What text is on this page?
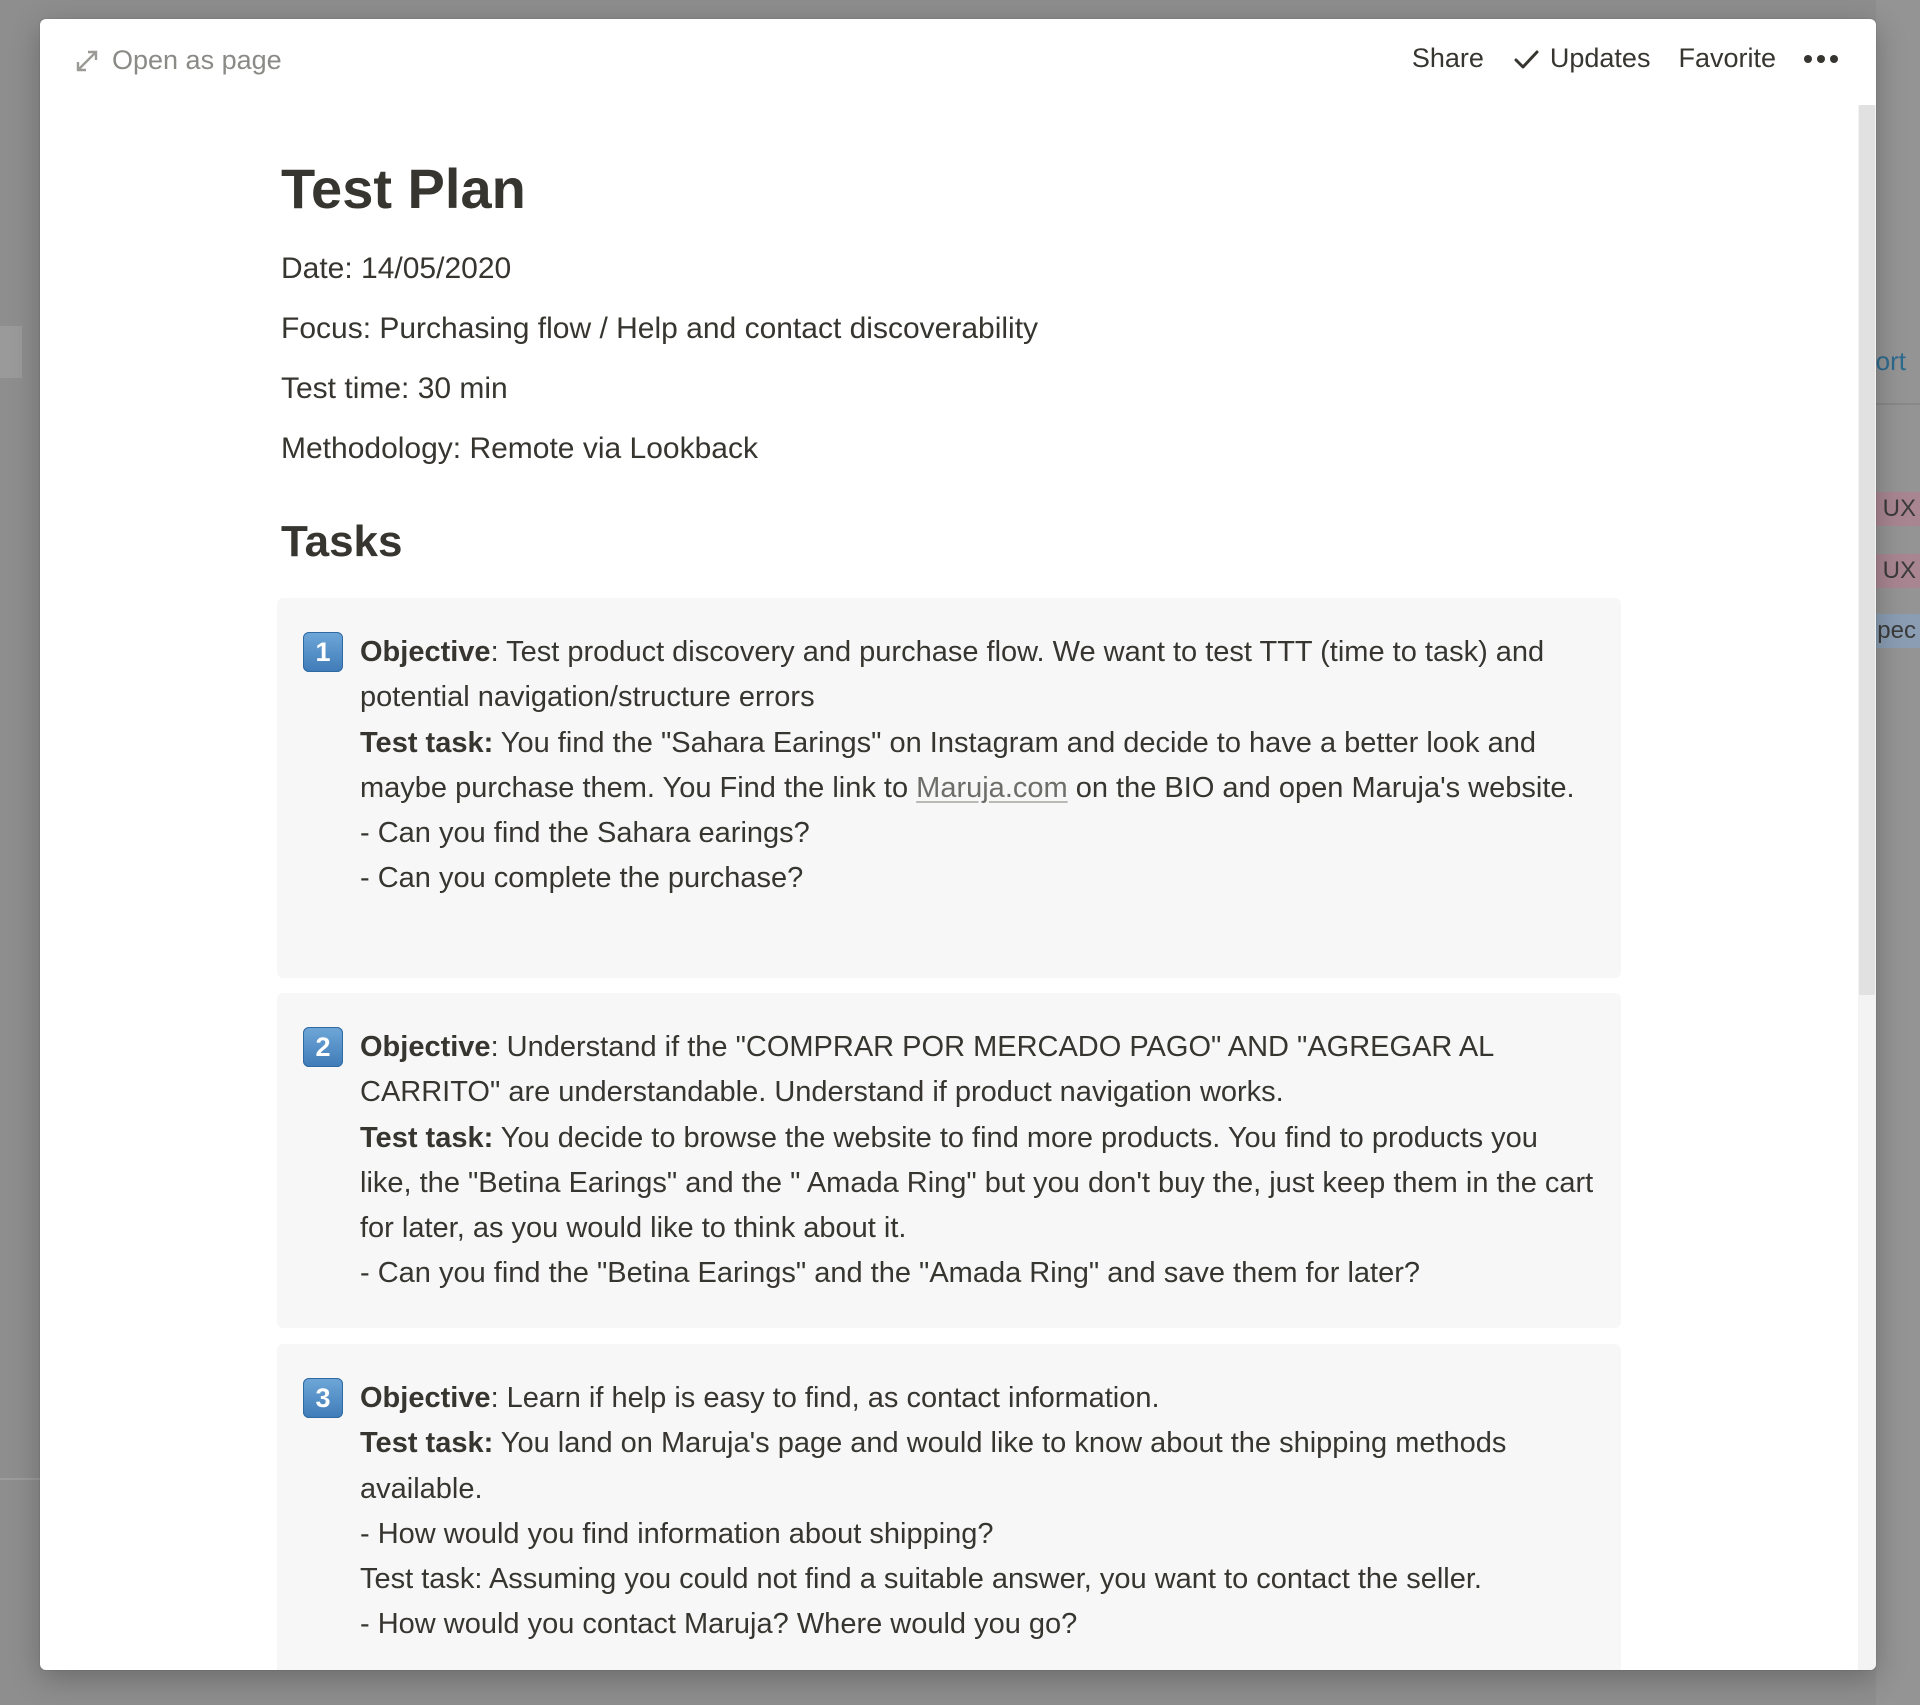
ort
UX
UX
pec
Open as page	Share Updates Favorite
Test Plan

Date: 14/05/2020

Focus: Purchasing flow / Help and contact discoverability

Test time: 30 min

Methodology: Remote via Lookback

Tasks
1	Objective: Test product discovery and purchase flow. We want to test TTT (time to task) and potential navigation/structure errors

Test task: You find the "Sahara Earings" on Instagram and decide to have a better look and maybe purchase them. You Find the link to Maruja.com on the BIO and open Maruja's website.

- Can you find the Sahara earings?

- Can you complete the purchase?

2	Objective: Understand if the "COMPRAR POR MERCADO PAGO" AND "AGREGAR AL CARRITO" are understandable. Understand if product navigation works.

Test task: You decide to browse the website to find more products. You find to products you like, the "Betina Earings" and the " Amada Ring" but you don't buy the, just keep them in the cart for later, as you would like to think about it.

- Can you find the "Betina Earings" and the "Amada Ring" and save them for later?

3	Objective: Learn if help is easy to find, as contact information.

Test task: You land on Maruja's page and would like to know about the shipping methods available.

- How would you find information about shipping?

Test task: Assuming you could not find a suitable answer, you want to contact the seller.

- How would you contact Maruja? Where would you go?
